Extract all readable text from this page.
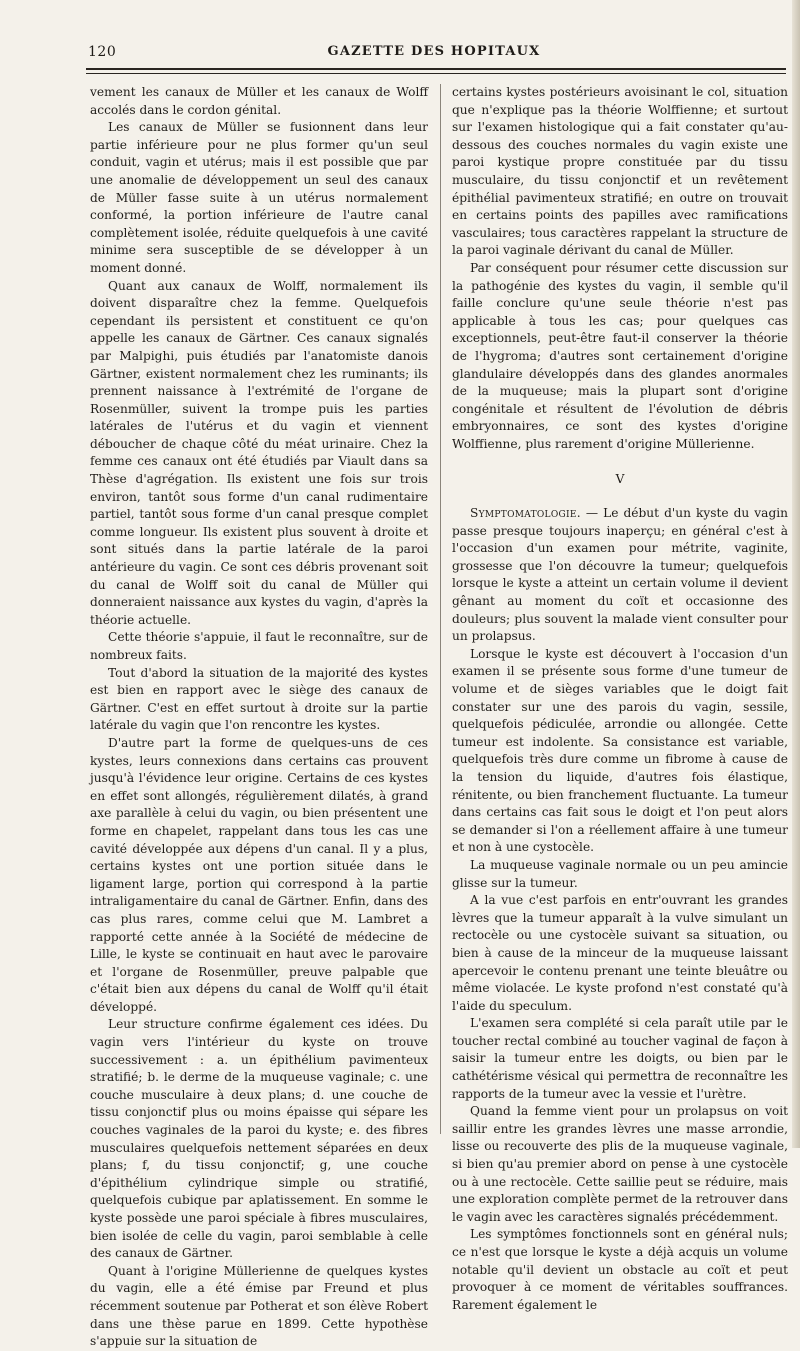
120	GAZETTE DES HOPITAUX

vement les canaux de Müller et les canaux de Wolff accolés dans le cordon génital.

Les canaux de Müller se fusionnent dans leur partie inférieure pour ne plus former qu'un seul conduit, vagin et utérus; mais il est possible que par une anomalie de développement un seul des canaux de Müller fasse suite à un utérus normalement conformé, la portion inférieure de l'autre canal complètement isolée, réduite quelquefois à une cavité minime sera susceptible de se développer à un moment donné.

Quant aux canaux de Wolff, normalement ils doivent disparaître chez la femme. Quelquefois cependant ils persistent et constituent ce qu'on appelle les canaux de Gärtner. Ces canaux signalés par Malpighi, puis étudiés par l'anatomiste danois Gärtner, existent normalement chez les ruminants; ils prennent naissance à l'extrémité de l'organe de Rosenmüller, suivent la trompe puis les parties latérales de l'utérus et du vagin et viennent déboucher de chaque côté du méat urinaire. Chez la femme ces canaux ont été étudiés par Viault dans sa Thèse d'agrégation. Ils existent une fois sur trois environ, tantôt sous forme d'un canal rudimentaire partiel, tantôt sous forme d'un canal presque complet comme longueur. Ils existent plus souvent à droite et sont situés dans la partie latérale de la paroi antérieure du vagin. Ce sont ces débris provenant soit du canal de Wolff soit du canal de Müller qui donneraient naissance aux kystes du vagin, d'après la théorie actuelle.

Cette théorie s'appuie, il faut le reconnaître, sur de nombreux faits.

Tout d'abord la situation de la majorité des kystes est bien en rapport avec le siège des canaux de Gärtner. C'est en effet surtout à droite sur la partie latérale du vagin que l'on rencontre les kystes.

D'autre part la forme de quelques-uns de ces kystes, leurs connexions dans certains cas prouvent jusqu'à l'évidence leur origine. Certains de ces kystes en effet sont allongés, régulièrement dilatés, à grand axe parallèle à celui du vagin, ou bien présentent une forme en chapelet, rappelant dans tous les cas une cavité développée aux dépens d'un canal. Il y a plus, certains kystes ont une portion située dans le ligament large, portion qui correspond à la partie intraligamentaire du canal de Gärtner. Enfin, dans des cas plus rares, comme celui que M. Lambret a rapporté cette année à la Société de médecine de Lille, le kyste se continuait en haut avec le parovaire et l'organe de Rosenmüller, preuve palpable que c'était bien aux dépens du canal de Wolff qu'il était développé.

Leur structure confirme également ces idées. Du vagin vers l'intérieur du kyste on trouve successivement : a. un épithélium pavimenteux stratifié; b. le derme de la muqueuse vaginale; c. une couche musculaire à deux plans; d. une couche de tissu conjonctif plus ou moins épaisse qui sépare les couches vaginales de la paroi du kyste; e. des fibres musculaires quelquefois nettement séparées en deux plans; f, du tissu conjonctif; g, une couche d'épithélium cylindrique simple ou stratifié, quelquefois cubique par aplatissement. En somme le kyste possède une paroi spéciale à fibres musculaires, bien isolée de celle du vagin, paroi semblable à celle des canaux de Gärtner.

Quant à l'origine Müllerienne de quelques kystes du vagin, elle a été émise par Freund et plus récemment soutenue par Potherat et son élève Robert dans une thèse parue en 1899. Cette hypothèse s'appuie sur la situation de

certains kystes postérieurs avoisinant le col, situation que n'explique pas la théorie Wolffienne; et surtout sur l'examen histologique qui a fait constater qu'au-dessous des couches normales du vagin existe une paroi kystique propre constituée par du tissu musculaire, du tissu conjonctif et un revêtement épithélial pavimenteux stratifié; en outre on trouvait en certains points des papilles avec ramifications vasculaires; tous caractères rappelant la structure de la paroi vaginale dérivant du canal de Müller.

Par conséquent pour résumer cette discussion sur la pathogénie des kystes du vagin, il semble qu'il faille conclure qu'une seule théorie n'est pas applicable à tous les cas; pour quelques cas exceptionnels, peut-être faut-il conserver la théorie de l'hygroma; d'autres sont certainement d'origine glandulaire développés dans des glandes anormales de la muqueuse; mais la plupart sont d'origine congénitale et résultent de l'évolution de débris embryonnaires, ce sont des kystes d'origine Wolffienne, plus rarement d'origine Müllerienne.

V

Symptomatologie. — Le début d'un kyste du vagin passe presque toujours inaperçu; en général c'est à l'occasion d'un examen pour métrite, vaginite, grossesse que l'on découvre la tumeur; quelquefois lorsque le kyste a atteint un certain volume il devient gênant au moment du coït et occasionne des douleurs; plus souvent la malade vient consulter pour un prolapsus.

Lorsque le kyste est découvert à l'occasion d'un examen il se présente sous forme d'une tumeur de volume et de sièges variables que le doigt fait constater sur une des parois du vagin, sessile, quelquefois pédiculée, arrondie ou allongée. Cette tumeur est indolente. Sa consistance est variable, quelquefois très dure comme un fibrome à cause de la tension du liquide, d'autres fois élastique, rénitente, ou bien franchement fluctuante. La tumeur dans certains cas fait sous le doigt et l'on peut alors se demander si l'on a réellement affaire à une tumeur et non à une cystocèle.

La muqueuse vaginale normale ou un peu amincie glisse sur la tumeur.

A la vue c'est parfois en entr'ouvrant les grandes lèvres que la tumeur apparaît à la vulve simulant un rectocèle ou une cystocèle suivant sa situation, ou bien à cause de la minceur de la muqueuse laissant apercevoir le contenu prenant une teinte bleuâtre ou même violacée. Le kyste profond n'est constaté qu'à l'aide du speculum.

L'examen sera complété si cela paraît utile par le toucher rectal combiné au toucher vaginal de façon à saisir la tumeur entre les doigts, ou bien par le cathétérisme vésical qui permettra de reconnaître les rapports de la tumeur avec la vessie et l'urètre.

Quand la femme vient pour un prolapsus on voit saillir entre les grandes lèvres une masse arrondie, lisse ou recouverte des plis de la muqueuse vaginale, si bien qu'au premier abord on pense à une cystocèle ou à une rectocèle. Cette saillie peut se réduire, mais une exploration complète permet de la retrouver dans le vagin avec les caractères signalés précédemment.

Les symptômes fonctionnels sont en général nuls; ce n'est que lorsque le kyste a déjà acquis un volume notable qu'il devient un obstacle au coït et peut provoquer à ce moment de véritables souffrances. Rarement également le
